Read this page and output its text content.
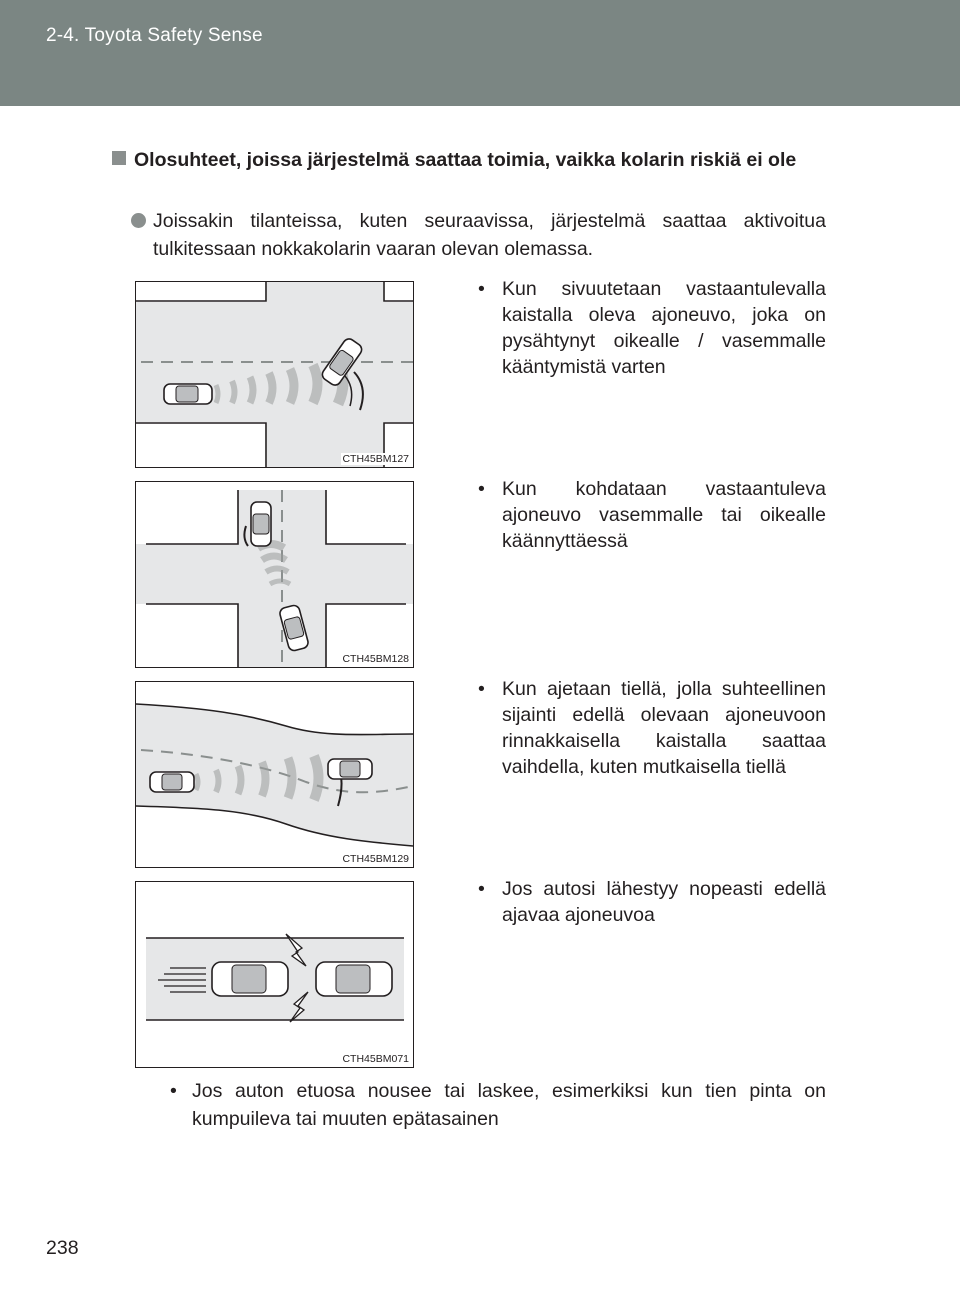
2-4. Toyota Safety Sense
Olosuhteet, joissa järjestelmä saattaa toimia, vaikka kolarin riskiä ei ole
Joissakin tilanteissa, kuten seuraavissa, järjestelmä saattaa aktivoitua tulkitessaan nokkakolarin vaaran olevan olemassa.
CTH45BM127
• Kun sivuutetaan vastaantulevalla kaistalla oleva ajoneuvo, joka on pysähtynyt oikealle / vasemmalle kääntymistä varten
CTH45BM128
• Kun kohdataan vastaantuleva ajoneuvo vasemmalle tai oikealle käännyttäessä
CTH45BM129
• Kun ajetaan tiellä, jolla suhteellinen sijainti edellä olevaan ajoneuvoon rinnakkaisella kaistalla saattaa vaihdella, kuten mutkaisella tiellä
CTH45BM071
• Jos autosi lähestyy nopeasti edellä ajavaa ajoneuvoa
• Jos auton etuosa nousee tai laskee, esimerkiksi kun tien pinta on kumpuileva tai muuten epätasainen
238
